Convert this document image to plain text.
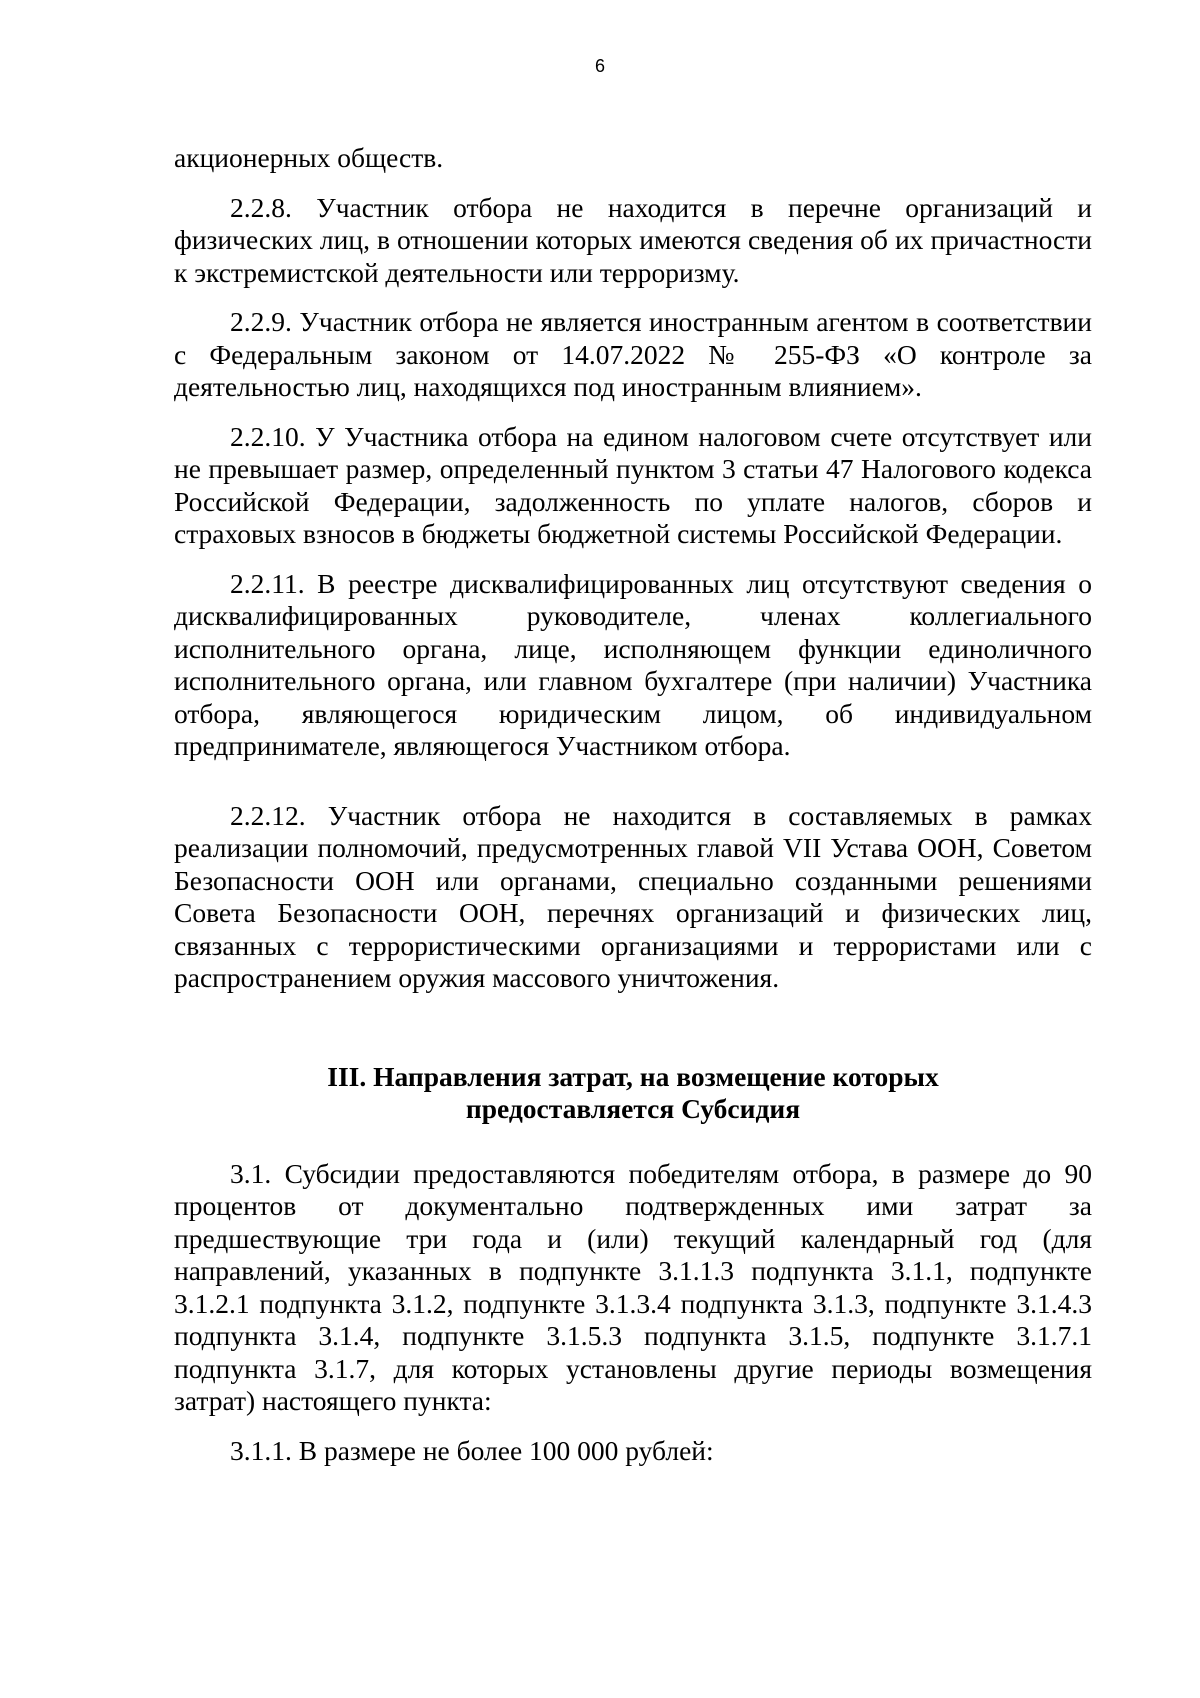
6

акционерных обществ.

2.2.8. Участник отбора не находится в перечне организаций и физических лиц, в отношении которых имеются сведения об их причастности к экстремистской деятельности или терроризму.

2.2.9. Участник отбора не является иностранным агентом в соответствии с Федеральным законом от 14.07.2022 № 255-ФЗ «О контроле за деятельностью лиц, находящихся под иностранным влиянием».

2.2.10. У Участника отбора на едином налоговом счете отсутствует или не превышает размер, определенный пунктом 3 статьи 47 Налогового кодекса Российской Федерации, задолженность по уплате налогов, сборов и страховых взносов в бюджеты бюджетной системы Российской Федерации.

2.2.11. В реестре дисквалифицированных лиц отсутствуют сведения о дисквалифицированных руководителе, членах коллегиального исполнительного органа, лице, исполняющем функции единоличного исполнительного органа, или главном бухгалтере (при наличии) Участника отбора, являющегося юридическим лицом, об индивидуальном предпринимателе, являющегося Участником отбора.

2.2.12. Участник отбора не находится в составляемых в рамках реализации полномочий, предусмотренных главой VII Устава ООН, Советом Безопасности ООН или органами, специально созданными решениями Совета Безопасности ООН, перечнях организаций и физических лиц, связанных с террористическими организациями и террористами или с распространением оружия массового уничтожения.

III. Направления затрат, на возмещение которых
предоставляется Субсидия

3.1. Субсидии предоставляются победителям отбора, в размере до 90 процентов от документально подтвержденных ими затрат за предшествующие три года и (или) текущий календарный год (для направлений, указанных в подпункте 3.1.1.3 подпункта 3.1.1, подпункте 3.1.2.1 подпункта 3.1.2, подпункте 3.1.3.4 подпункта 3.1.3, подпункте 3.1.4.3 подпункта 3.1.4, подпункте 3.1.5.3 подпункта 3.1.5, подпункте 3.1.7.1 подпункта 3.1.7, для которых установлены другие периоды возмещения затрат) настоящего пункта:

3.1.1. В размере не более 100 000 рублей:
